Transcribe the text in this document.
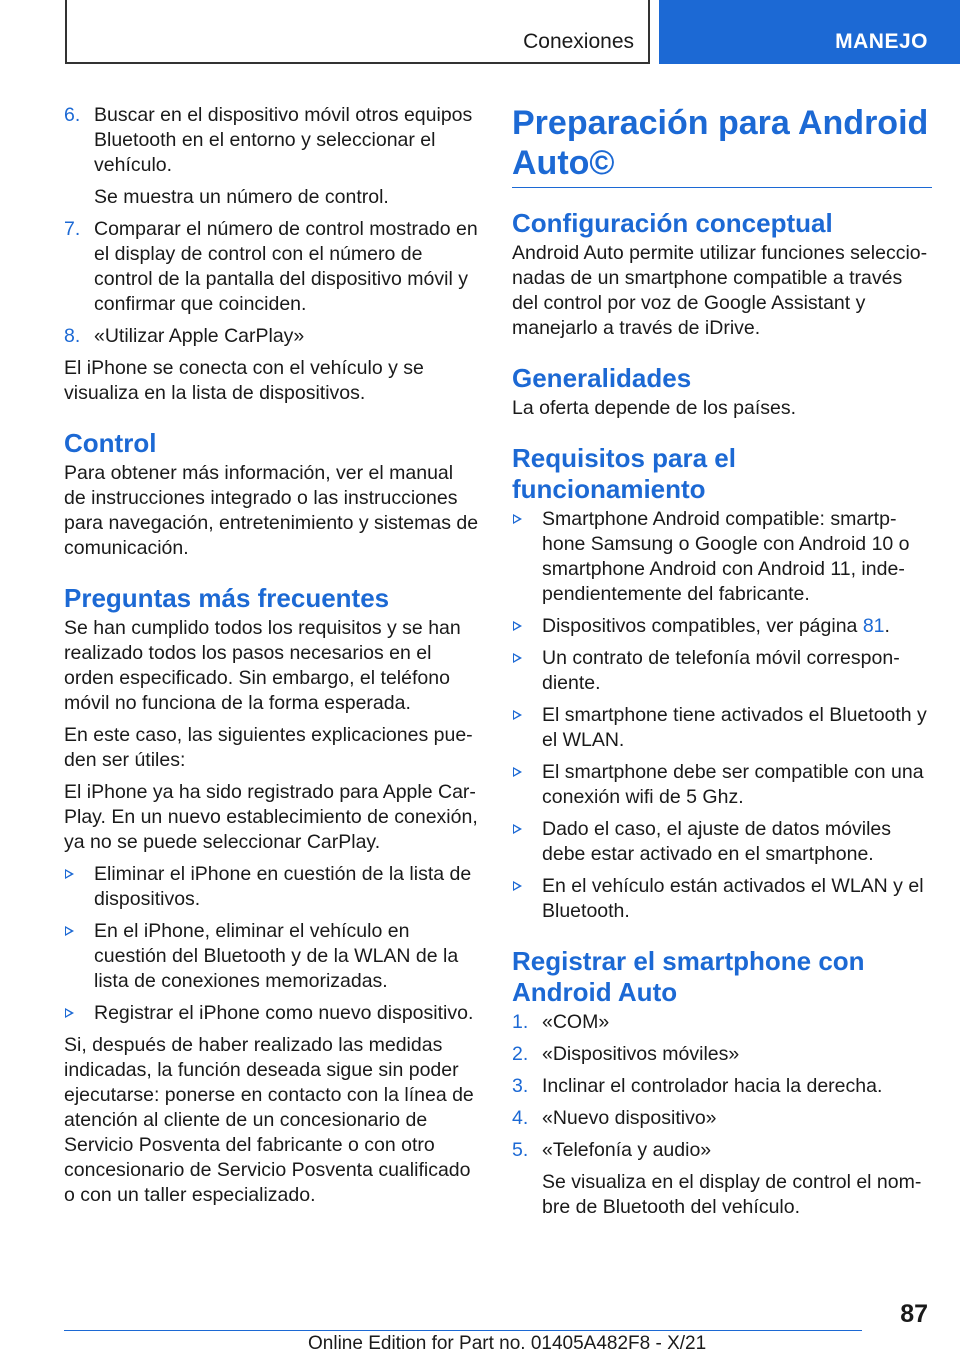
Conexiones	MANEJO
6. Buscar en el dispositivo móvil otros equipos Bluetooth en el entorno y seleccionar el vehículo.
Se muestra un número de control.
7. Comparar el número de control mostrado en el display de control con el número de control de la pantalla del dispositivo móvil y confirmar que coinciden.
8. «Utilizar Apple CarPlay»

El iPhone se conecta con el vehículo y se visualiza en la lista de dispositivos.

Control

Para obtener más información, ver el manual de instrucciones integrado o las instrucciones para navegación, entretenimiento y sistemas de comunicación.

Preguntas más frecuentes

Se han cumplido todos los requisitos y se han realizado todos los pasos necesarios en el orden especificado. Sin embargo, el teléfono móvil no funciona de la forma esperada.

En este caso, las siguientes explicaciones pueden ser útiles:

El iPhone ya ha sido registrado para Apple CarPlay. En un nuevo establecimiento de conexión, ya no se puede seleccionar CarPlay.

Eliminar el iPhone en cuestión de la lista de dispositivos.
En el iPhone, eliminar el vehículo en cuestión del Bluetooth y de la WLAN de la lista de conexiones memorizadas.
Registrar el iPhone como nuevo dispositivo.

Si, después de haber realizado las medidas indicadas, la función deseada sigue sin poder ejecutarse: ponerse en contacto con la línea de atención al cliente de un concesionario de Servicio Posventa del fabricante o con otro concesionario de Servicio Posventa cualificado o con un taller especializado.

Preparación para Android Auto©
Configuración conceptual

Android Auto permite utilizar funciones seleccionadas de un smartphone compatible a través del control por voz de Google Assistant y manejarlo a través de iDrive.

Generalidades

La oferta depende de los países.

Requisitos para el funcionamiento
Smartphone Android compatible: smartphone Samsung o Google con Android 10 o smartphone Android con Android 11, independientemente del fabricante.
Dispositivos compatibles, ver página 81.
Un contrato de telefonía móvil correspondiente.
El smartphone tiene activados el Bluetooth y el WLAN.
El smartphone debe ser compatible con una conexión wifi de 5 Ghz.
Dado el caso, el ajuste de datos móviles debe estar activado en el smartphone.
En el vehículo están activados el WLAN y el Bluetooth.
Registrar el smartphone con Android Auto
1. «COM»
2. «Dispositivos móviles»
3. Inclinar el controlador hacia la derecha.
4. «Nuevo dispositivo»
5. «Telefonía y audio»
Se visualiza en el display de control el nombre de Bluetooth del vehículo.
87
Online Edition for Part no. 01405A482F8 - X/21
